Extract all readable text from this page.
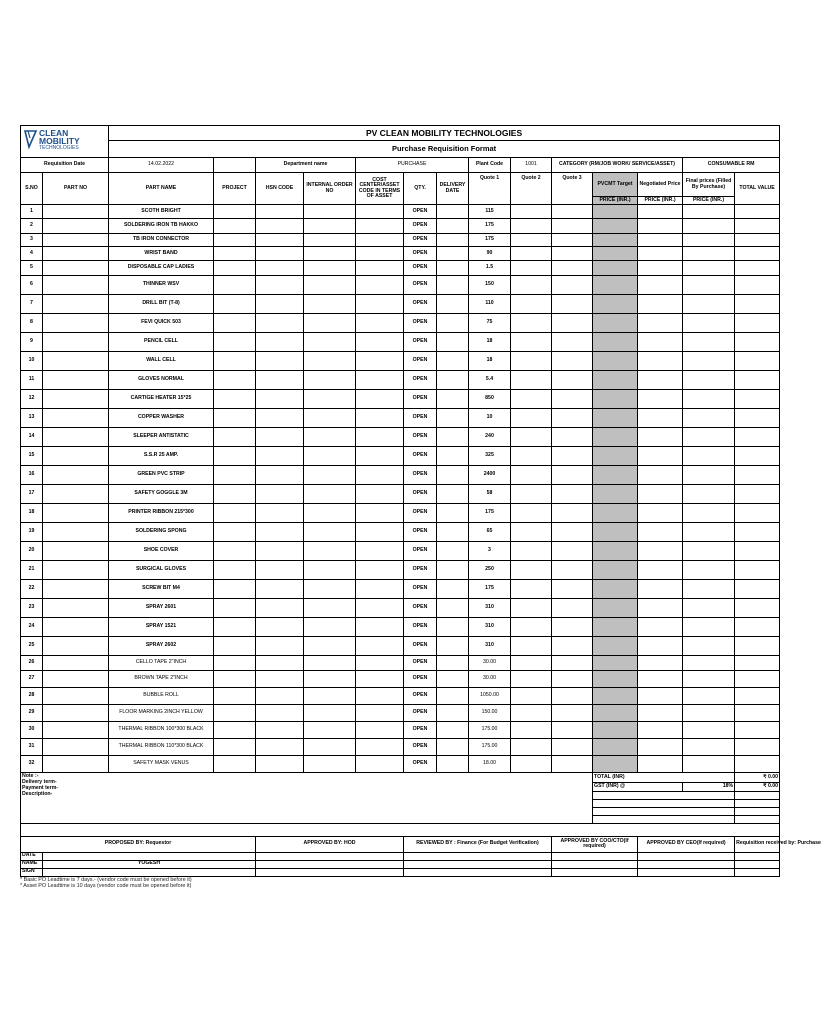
CLEAN
MOBILITY
TECHNOLOGIES		PV CLEAN MOBILITY TECHNOLOGIES													
		Purchase Requisition Format													
Requisition Date		14.02.2022		Department name		PURCHASE			Plant Code	1001	CATEGORY (RM/JOB WORK/ SERVICE/ASSET)			CONSUMABLE RM	
S.NO	PART NO	PART NAME	PROJECT	HSN CODE	INTERNAL ORDER NO	COST CENTER/ASSET CODE IN TERMS OF ASSET	QTY.	DELIVERY DATE	Quote 1	Quote 2	Quote 3	PVCMT Target	Negotiated Price	Final prices (Filled By Purchase)	TOTAL VALUE
												PRICE (INR.)	PRICE (INR.)	PRICE (INR.)	
1		SCOTH BRIGHT					OPEN		115						
2		SOLDERING IRON TB HAKKO					OPEN		175						
3		TB IRON CONNECTOR					OPEN		175						
4		WRIST BAND					OPEN		90						
5		DISPOSABLE CAP LADIES					OPEN		1.5						
6		THINNER WSV					OPEN		150						
7		DRILL BIT (T-8)					OPEN		110						
8		FEVI QUICK 503					OPEN		75						
9		PENCIL CELL					OPEN		18						
10		WALL CELL					OPEN		18						
11		GLOVES NORMAL					OPEN		5.4						
12		CARTIGE HEATER 15*25					OPEN		850						
13		COPPER WASHER					OPEN		10						
14		SLEEPER ANTISTATIC					OPEN		240						
15		S.S.R 25 AMP.					OPEN		325						
16		GREEN PVC STRIP					OPEN		2400						
17		SAFETY GOGGLE 3M					OPEN		58						
18		PRINTER RIBBON 215*300					OPEN		175						
19		SOLDERING SPONG					OPEN		65						
20		SHOE COVER					OPEN		3						
21		SURGICAL GLOVES					OPEN		250						
22		SCREW BIT M4					OPEN		175						
23		SPRAY 2601					OPEN		310						
24		SPRAY 1521					OPEN		310						
25		SPRAY 2602					OPEN		310						
26		CELLO TAPE 2"INCH					OPEN		30.00						
27		BROWN TAPE 2"INCH					OPEN		30.00						
28		BUBBLE ROLL					OPEN		1050.00						
29		FLOOR MARKING 2INCH YELLOW					OPEN		150.00						
30		THERMAL RIBBON 100*300 BLACK					OPEN		175.00						
31		THERMAL RIBBON 110*300 BLACK					OPEN		175.00						
32		SAFETY MASK VENUS					OPEN		18.00						
Note :-
Delivery term-
Payment term-
Description-					TOTAL (INR)			₹ 0.00
					GST (INR) @		18%	₹ 0.00

PROPOSED BY: Requestor		APPROVED BY: HOD	REVIEWED BY : Finance (For Budget Verification)	APPROVED BY COO/CTO(If required)		APPROVED BY CEO(If required)		Requisition received by: Purchase
DATE								
NAME	YOGESH							
SIGN								
* Basic PO Leadtime is 7 days.- (vendor code must be opened before it)
* Asset PO Leadtime is 10 days (vendor code must be opened before it)
